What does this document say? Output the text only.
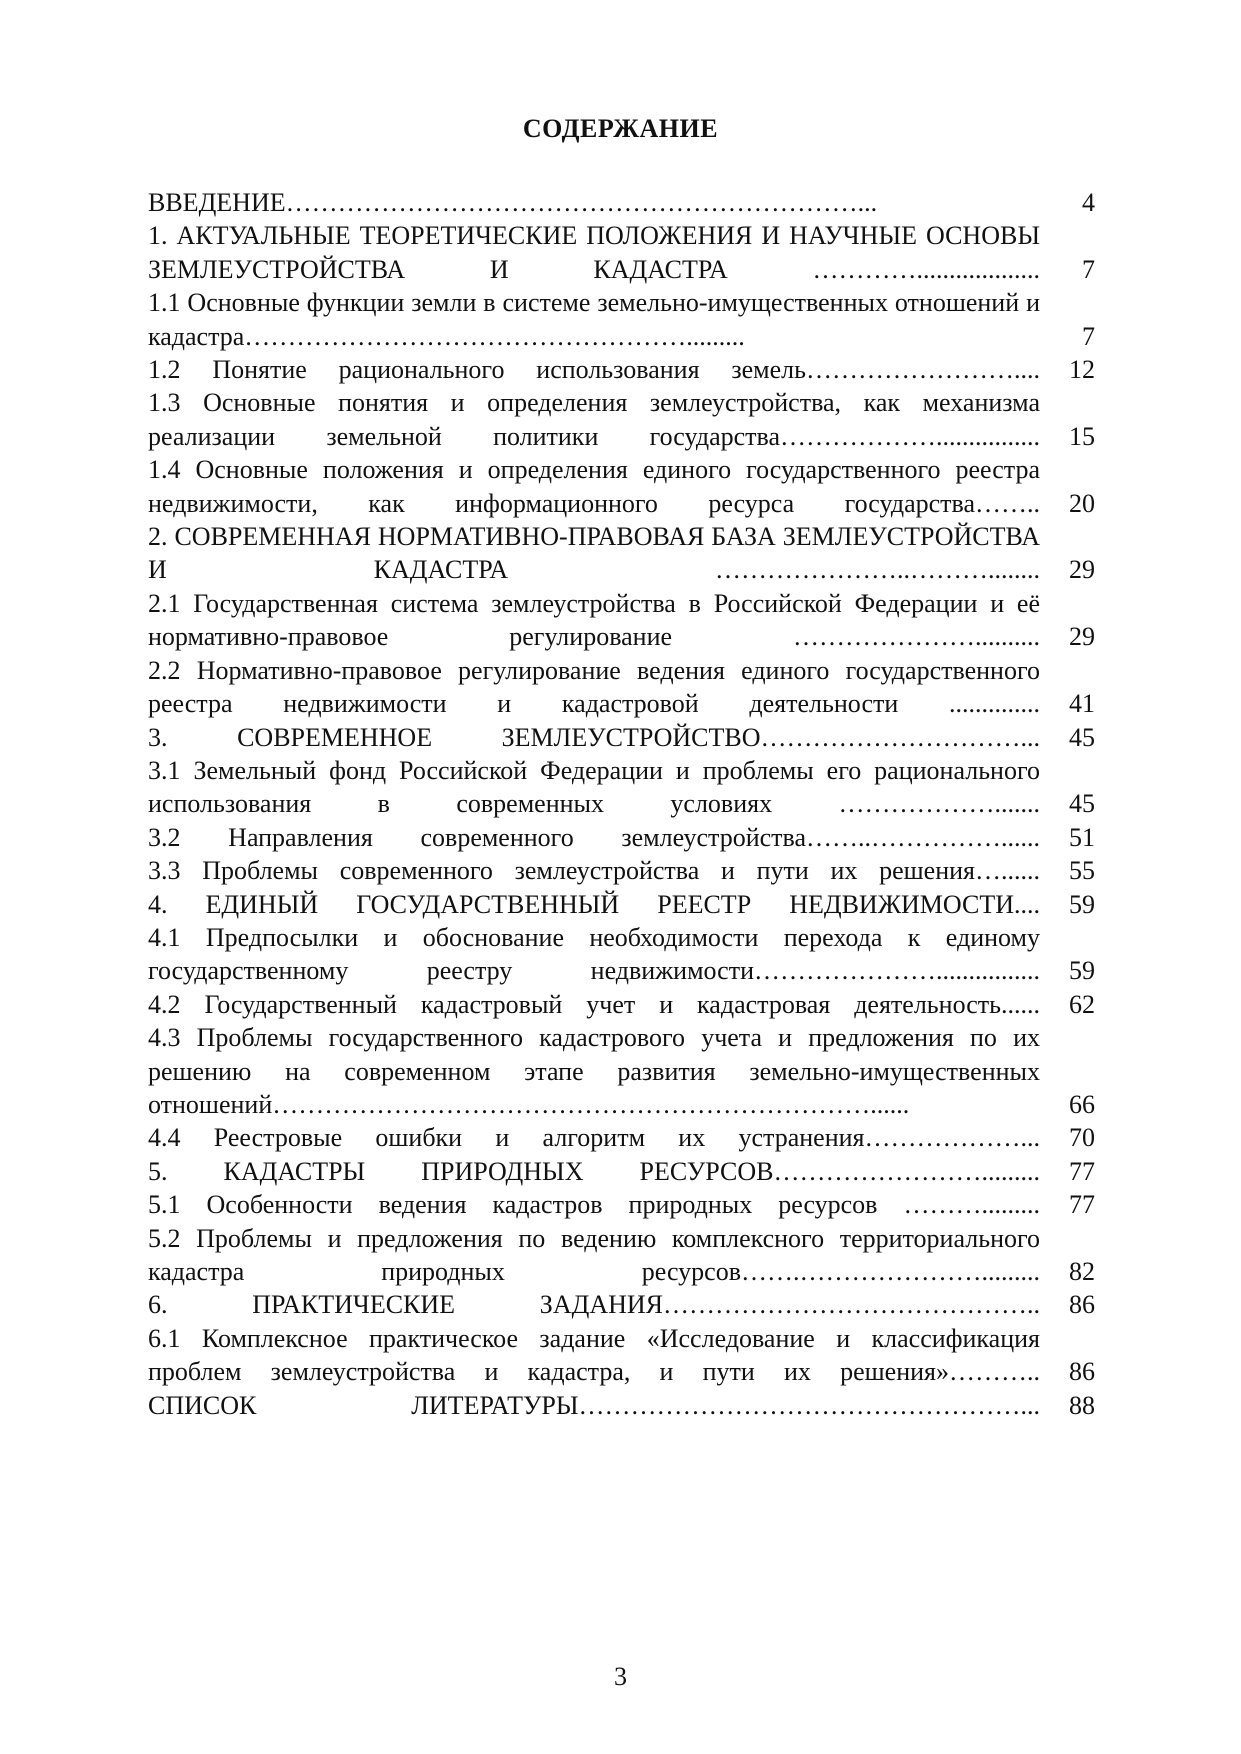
СОДЕРЖАНИЕ
ВВЕДЕНИЕ…………………………………………………………...	4
1. АКТУАЛЬНЫЕ ТЕОРЕТИЧЕСКИЕ ПОЛОЖЕНИЯ И НАУЧНЫЕ ОСНОВЫ ЗЕМЛЕУСТРОЙСТВА И КАДАСТРА …………...................	7
1.1 Основные функции земли в системе земельно-имущественных отношений и кадастра…………………………………………….........	7
1.2 Понятие рационального использования земель……………………....	12
1.3 Основные понятия и определения землеустройства, как механизма реализации земельной политики государства………………................	15
1.4 Основные положения и определения единого государственного реестра недвижимости, как информационного ресурса государства……..	20
2. СОВРЕМЕННАЯ НОРМАТИВНО-ПРАВОВАЯ БАЗА ЗЕМЛЕУСТРОЙСТВА И КАДАСТРА …………………..………........	29
2.1 Государственная система землеустройства в Российской Федерации и её нормативно-правовое регулирование …………………..........	29
2.2 Нормативно-правовое регулирование ведения единого государственного реестра недвижимости и кадастровой деятельности ..............	41
3. СОВРЕМЕННОЕ ЗЕМЛЕУСТРОЙСТВО…………………………...	45
3.1 Земельный фонд Российской Федерации и проблемы его рационального использования в современных условиях ……………….......	45
3.2 Направления современного землеустройства……..……………......	51
3.3 Проблемы современного землеустройства и пути их решения…......	55
4. ЕДИНЫЙ ГОСУДАРСТВЕННЫЙ РЕЕСТР НЕДВИЖИМОСТИ....	59
4.1 Предпосылки и обоснование необходимости перехода к единому государственному реестру недвижимости…………………................	59
4.2 Государственный кадастровый учет и кадастровая деятельность......	62
4.3 Проблемы государственного кадастрового учета и предложения по их решению на современном этапе развития земельно-имущественных отношений……………………………………………………………......	66
4.4 Реестровые ошибки и алгоритм их устранения………………...	70
5. КАДАСТРЫ ПРИРОДНЫХ РЕСУРСОВ…………………….........	77
5.1 Особенности ведения кадастров природных ресурсов ……….........	77
5.2 Проблемы и предложения по ведению комплексного территориального кадастра природных ресурсов…….………………….........	82
6. ПРАКТИЧЕСКИЕ ЗАДАНИЯ……………………………………..	86
6.1 Комплексное практическое задание «Исследование и классификация проблем землеустройства и кадастра, и пути их решения»………..	86
СПИСОК ЛИТЕРАТУРЫ……………………………………………...	88
3
